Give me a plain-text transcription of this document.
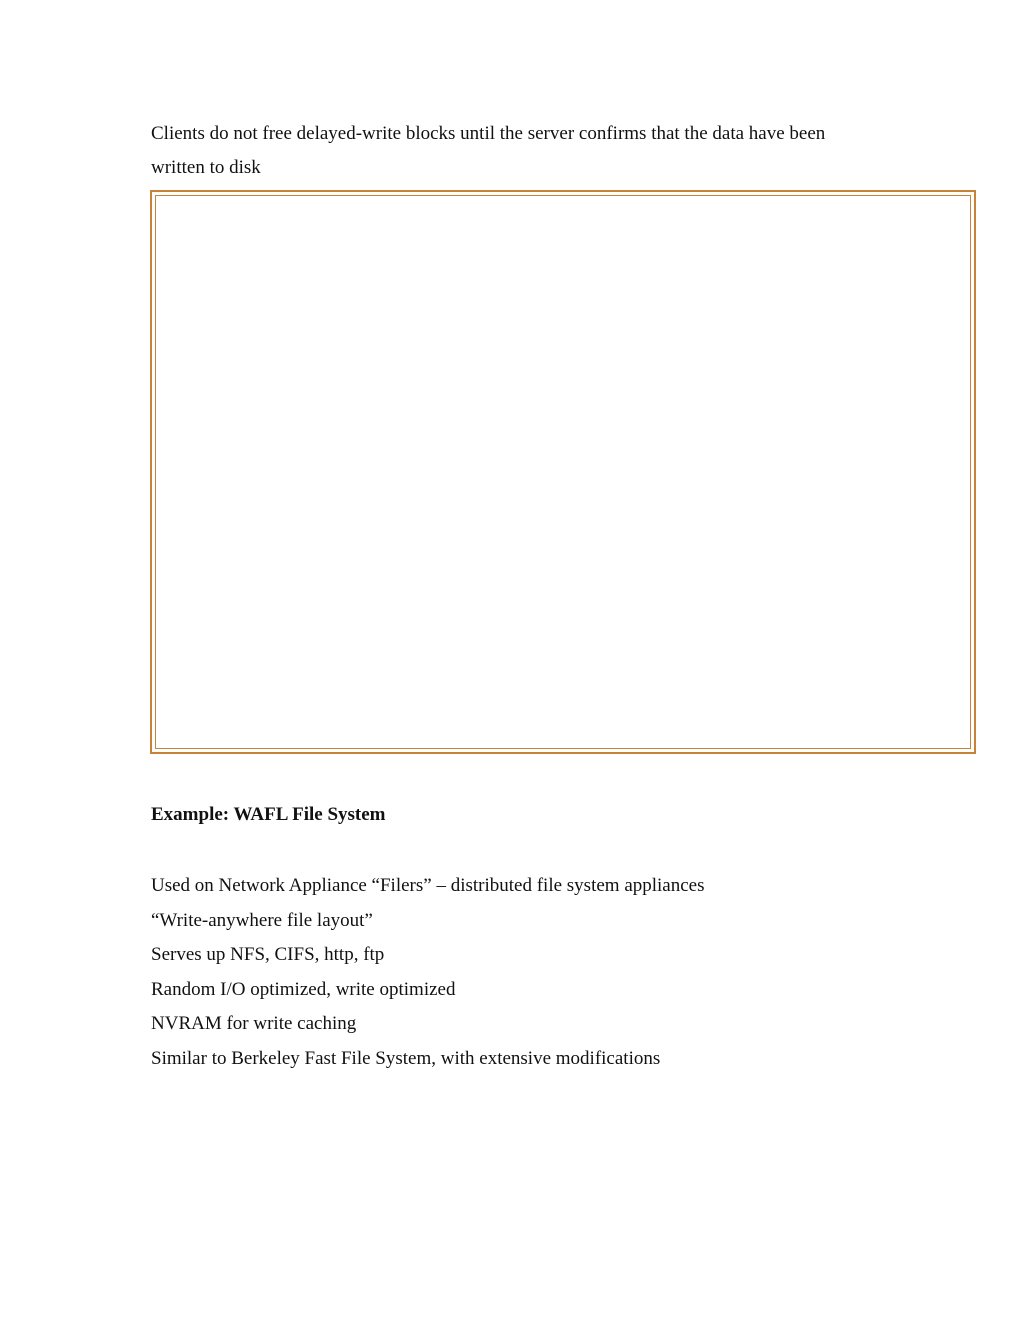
Clients do not free delayed-write blocks until the server confirms that the data have been

written to disk

Example: WAFL File System
Used on Network Appliance “Filers” – distributed file system appliances
“Write-anywhere file layout”
Serves up NFS, CIFS, http, ftp
Random I/O optimized, write optimized
NVRAM for write caching
Similar to Berkeley Fast File System, with extensive modifications
